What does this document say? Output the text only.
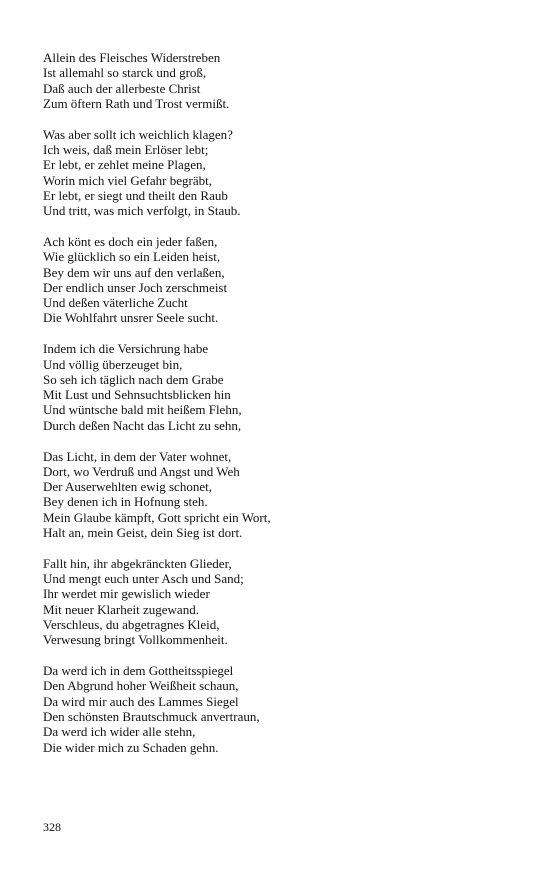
Allein des Fleisches Widerstreben
Ist allemahl so starck und groß,
Daß auch der allerbeste Christ
Zum öftern Rath und Trost vermißt.
Was aber sollt ich weichlich klagen?
Ich weis, daß mein Erlöser lebt;
Er lebt, er zehlet meine Plagen,
Worin mich viel Gefahr begräbt,
Er lebt, er siegt und theilt den Raub
Und tritt, was mich verfolgt, in Staub.
Ach könt es doch ein jeder faßen,
Wie glücklich so ein Leiden heist,
Bey dem wir uns auf den verlaßen,
Der endlich unser Joch zerschmeist
Und deßen väterliche Zucht
Die Wohlfahrt unsrer Seele sucht.
Indem ich die Versichrung habe
Und völlig überzeuget bin,
So seh ich täglich nach dem Grabe
Mit Lust und Sehnsuchtsblicken hin
Und wüntsche bald mit heißem Flehn,
Durch deßen Nacht das Licht zu sehn,
Das Licht, in dem der Vater wohnet,
Dort, wo Verdruß und Angst und Weh
Der Auserwehlten ewig schonet,
Bey denen ich in Hofnung steh.
Mein Glaube kämpft, Gott spricht ein Wort,
Halt an, mein Geist, dein Sieg ist dort.
Fallt hin, ihr abgekränckten Glieder,
Und mengt euch unter Asch und Sand;
Ihr werdet mir gewislich wieder
Mit neuer Klarheit zugewand.
Verschleus, du abgetragnes Kleid,
Verwesung bringt Vollkommenheit.
Da werd ich in dem Gottheitsspiegel
Den Abgrund hoher Weißheit schaun,
Da wird mir auch des Lammes Siegel
Den schönsten Brautschmuck anvertraun,
Da werd ich wider alle stehn,
Die wider mich zu Schaden gehn.
328
